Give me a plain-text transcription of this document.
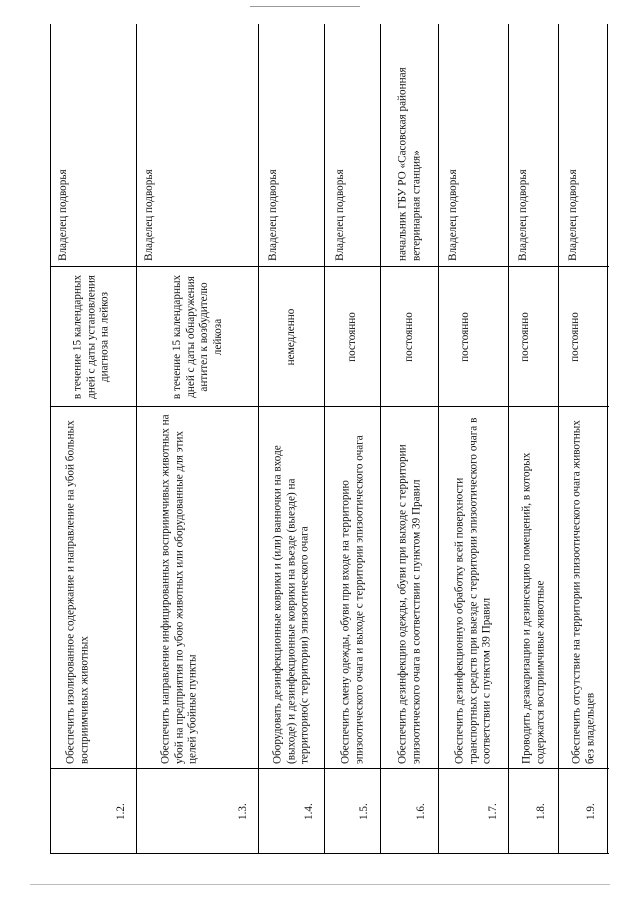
1.2.
Обеспечить изолированное содержание и направление на убой больных восприимчивых животных
в течение 15 календарных дней с даты установления диагноза на лейкоз
Владелец подворья
1.3.
Обеспечить направление инфицированных восприимчивых животных на убой на предприятия по убою животных или оборудованные для этих целей убойные пункты
в течение 15 календарных дней с даты обнаружения антител к возбудителю лейкоза
Владелец подворья
1.4.
Оборудовать дезинфекционные коврики и (или) ванночки на входе (выходе) и дезинфекционные коврики на въезде (выезде) на территорию(с территории) эпизоотического очага
немедленно
Владелец подворья
1.5.
Обеспечить смену одежды, обуви при входе на территорию эпизоотического очага и выходе с территории эпизоотического очага
постоянно
Владелец подворья
1.6.
Обеспечить дезинфекцию одежды, обуви при выходе с территории эпизоотического очага в соответствии с пунктом 39 Правил
постоянно
начальник ГБУ РО «Сасовская районная ветеринарная станция»
1.7.
Обеспечить дезинфекционную обработку всей поверхности транспортных средств при выезде с территории эпизоотического очага в соответствии с пунктом 39 Правил
постоянно
Владелец подворья
1.8.
Проводить дезакаризацию и дезинсекцию помещений, в которых содержатся восприимчивые животные
постоянно
Владелец подворья
1.9.
Обеспечить отсутствие на территории эпизоотического очага животных без владельцев
постоянно
Владелец подворья
